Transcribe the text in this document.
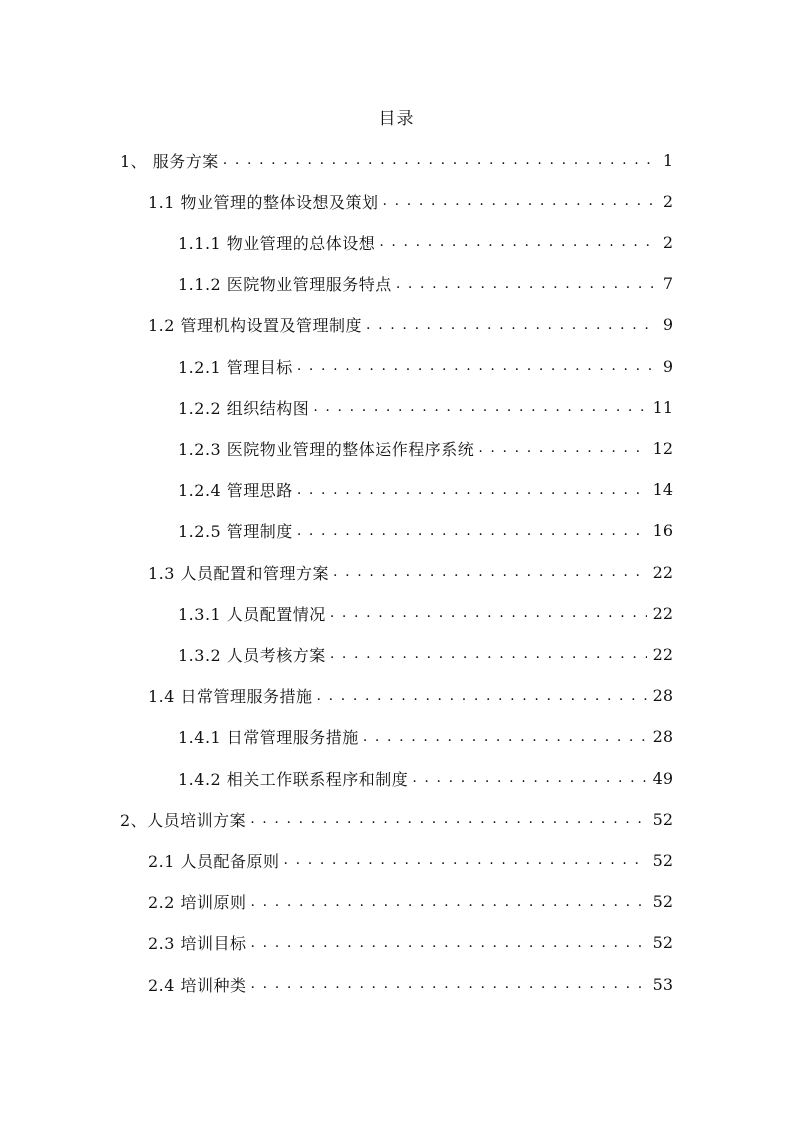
目录
1、 服务方案 . . .	1
1.1 物业管理的整体设想及策划 . . .	2
1.1.1 物业管理的总体设想 . . .	2
1.1.2 医院物业管理服务特点 . . .	7
1.2 管理机构设置及管理制度 . . .	9
1.2.1 管理目标 . . .	9
1.2.2 组织结构图 . . .	11
1.2.3 医院物业管理的整体运作程序系统 . . .	12
1.2.4 管理思路 . . .	14
1.2.5 管理制度 . . .	16
1.3 人员配置和管理方案 . . .	22
1.3.1 人员配置情况 . . .	22
1.3.2 人员考核方案 . . .	22
1.4 日常管理服务措施 . . .	28
1.4.1 日常管理服务措施 . . .	28
1.4.2 相关工作联系程序和制度 . . .	49
2、人员培训方案 . . .	52
2.1 人员配备原则 . . .	52
2.2 培训原则 . . .	52
2.3 培训目标 . . .	52
2.4 培训种类 . . .	53
